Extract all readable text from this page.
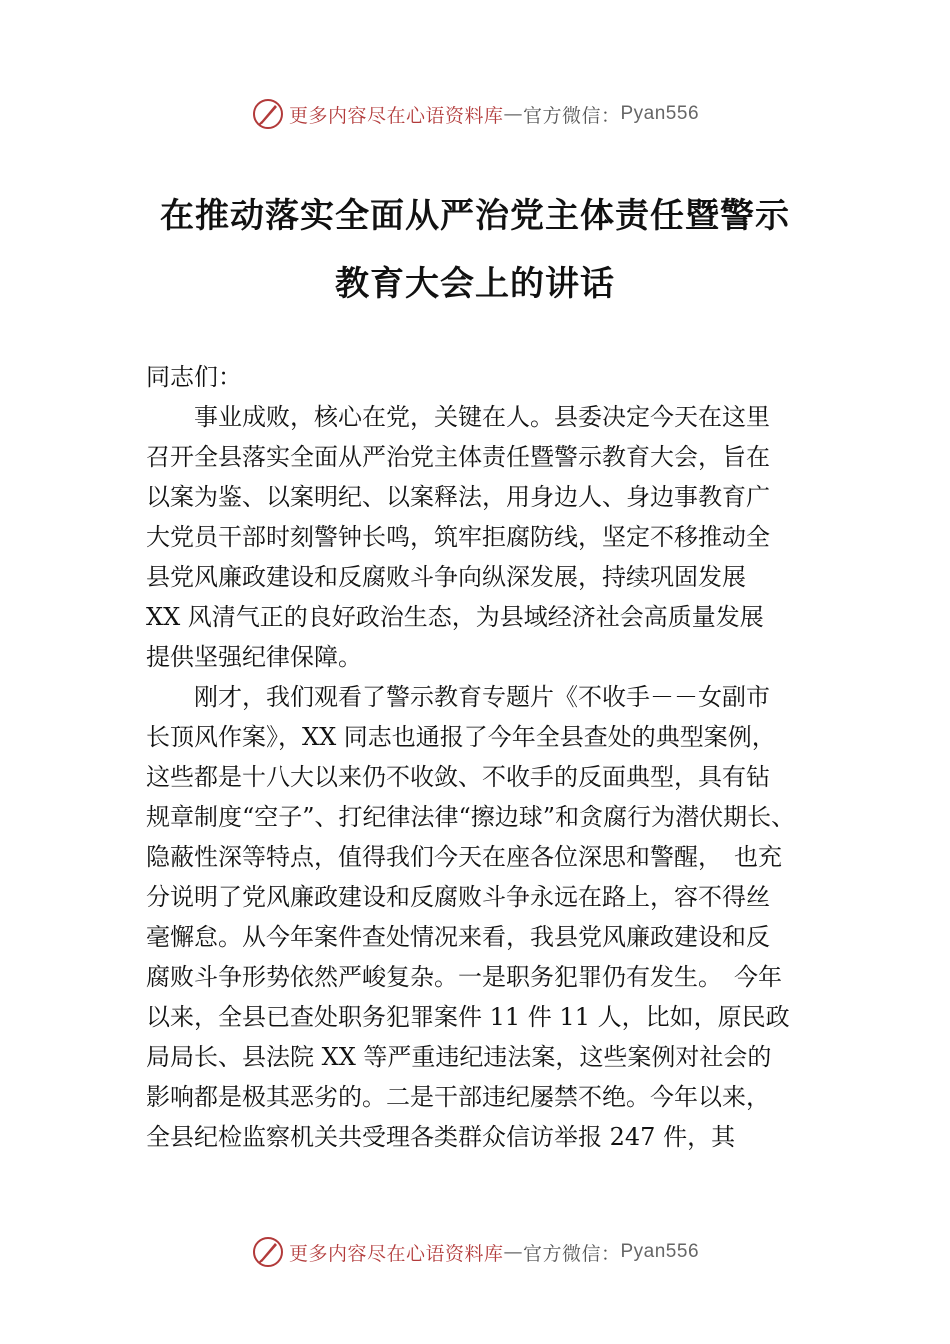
更多内容尽在心语资料库 — 官方微信： Pyan556
在推动落实全面从严治党主体责任暨警示
教育大会上的讲话
同志们：
　　事业成败，核心在党，关键在人。县委决定今天在这里
召开全县落实全面从严治党主体责任暨警示教育大会，旨在
以案为鉴、以案明纪、以案释法，用身边人、身边事教育广
大党员干部时刻警钟长鸣，筑牢拒腐防线，坚定不移推动全
县党风廉政建设和反腐败斗争向纵深发展，持续巩固发展
XX 风清气正的良好政治生态，为县域经济社会高质量发展
提供坚强纪律保障。
　　刚才，我们观看了警示教育专题片《不收手－－女副市
长顶风作案》，XX 同志也通报了今年全县查处的典型案例，
这些都是十八大以来仍不收敛、不收手的反面典型，具有钻
规章制度“空子”、打纪律法律“擦边球”和贪腐行为潜伏期长、
隐蔽性深等特点，值得我们今天在座各位深思和警醒，　也充
分说明了党风廉政建设和反腐败斗争永远在路上，容不得丝
毫懈怠。从今年案件查处情况来看，我县党风廉政建设和反
腐败斗争形势依然严峻复杂。一是职务犯罪仍有发生。　今年
以来，全县已查处职务犯罪案件 11 件 11 人，比如，原民政
局局长、县法院 XX 等严重违纪违法案，这些案例对社会的
影响都是极其恶劣的。二是干部违纪屡禁不绝。今年以来，
全县纪检监察机关共受理各类群众信访举报 247 件，其
更多内容尽在心语资料库 — 官方微信： Pyan556
